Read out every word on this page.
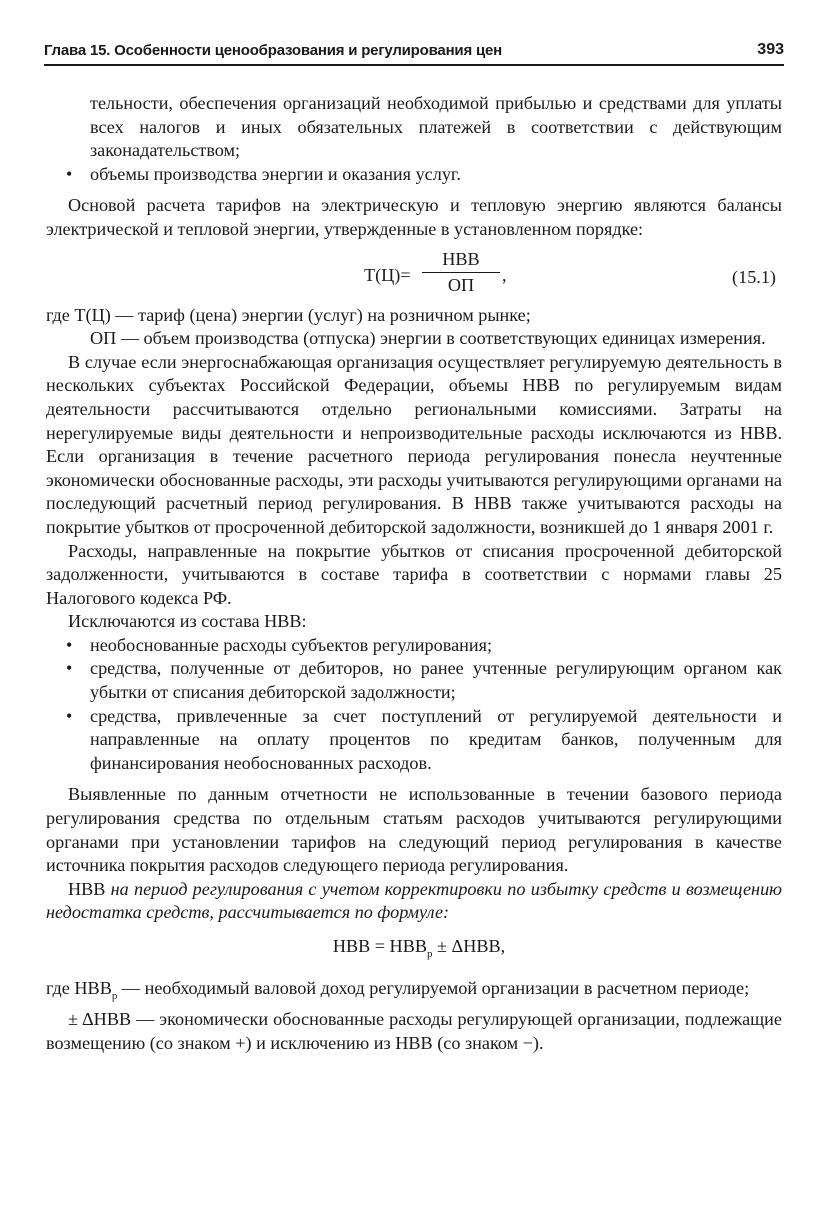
Глава 15. Особенности ценообразования и регулирования цен	393

тельности, обеспечения организаций необходимой прибылью и средствами для уплаты всех налогов и иных обязательных платежей в соответствии с действующим законадательством;

• объемы производства энергии и оказания услуг.

Основой расчета тарифов на электрическую и тепловую энергию являются балансы электрической и тепловой энергии, утвержденные в установленном порядке:

Т(Ц)=
НВВ
ОП
,	(15.1)

где Т(Ц) — тариф (цена) энергии (услуг) на розничном рынке;

ОП — объем производства (отпуска) энергии в соответствующих единицах измерения.

В случае если энергоснабжающая организация осуществляет регулируемую деятельность в нескольких субъектах Российской Федерации, объемы НВВ по регулируемым видам деятельности рассчитываются отдельно региональными комиссиями. Затраты на нерегулируемые виды деятельности и непроизводительные расходы исключаются из НВВ. Если организация в течение расчетного периода регулирования понесла неучтенные экономически обоснованные расходы, эти расходы учитываются регулирующими органами на последующий расчетный период регулирования. В НВВ также учитываются расходы на покрытие убытков от просроченной дебиторской задолжности, возникшей до 1 января 2001 г.

Расходы, направленные на покрытие убытков от списания просроченной дебиторской задолженности, учитываются в составе тарифа в соответствии с нормами главы 25 Налогового кодекса РФ.

Исключаются из состава НВВ:

• необоснованные расходы субъектов регулирования;
• средства, полученные от дебиторов, но ранее учтенные регулирующим органом как убытки от списания дебиторской задолжности;
• средства, привлеченные за счет поступлений от регулируемой деятельности и направленные на оплату процентов по кредитам банков, полученным для финансирования необоснованных расходов.

Выявленные по данным отчетности не использованные в течении базового периода регулирования средства по отдельным статьям расходов учитываются регулирующими органами при установлении тарифов на следующий период регулирования в качестве источника покрытия расходов следующего периода регулирования.

НВВ на период регулирования с учетом корректировки по избытку средств и возмещению недостатка средств, рассчитывается по формуле:

НВВ = $НВВ_р \pm \Delta НВВ$,

где $НВВ_р$ — необходимый валовой доход регулируемой организации в расчетном периоде;

± ΔНВВ — экономически обоснованные расходы регулирующей организации, подлежащие возмещению (со знаком +) и исключению из НВВ (со знаком −).
